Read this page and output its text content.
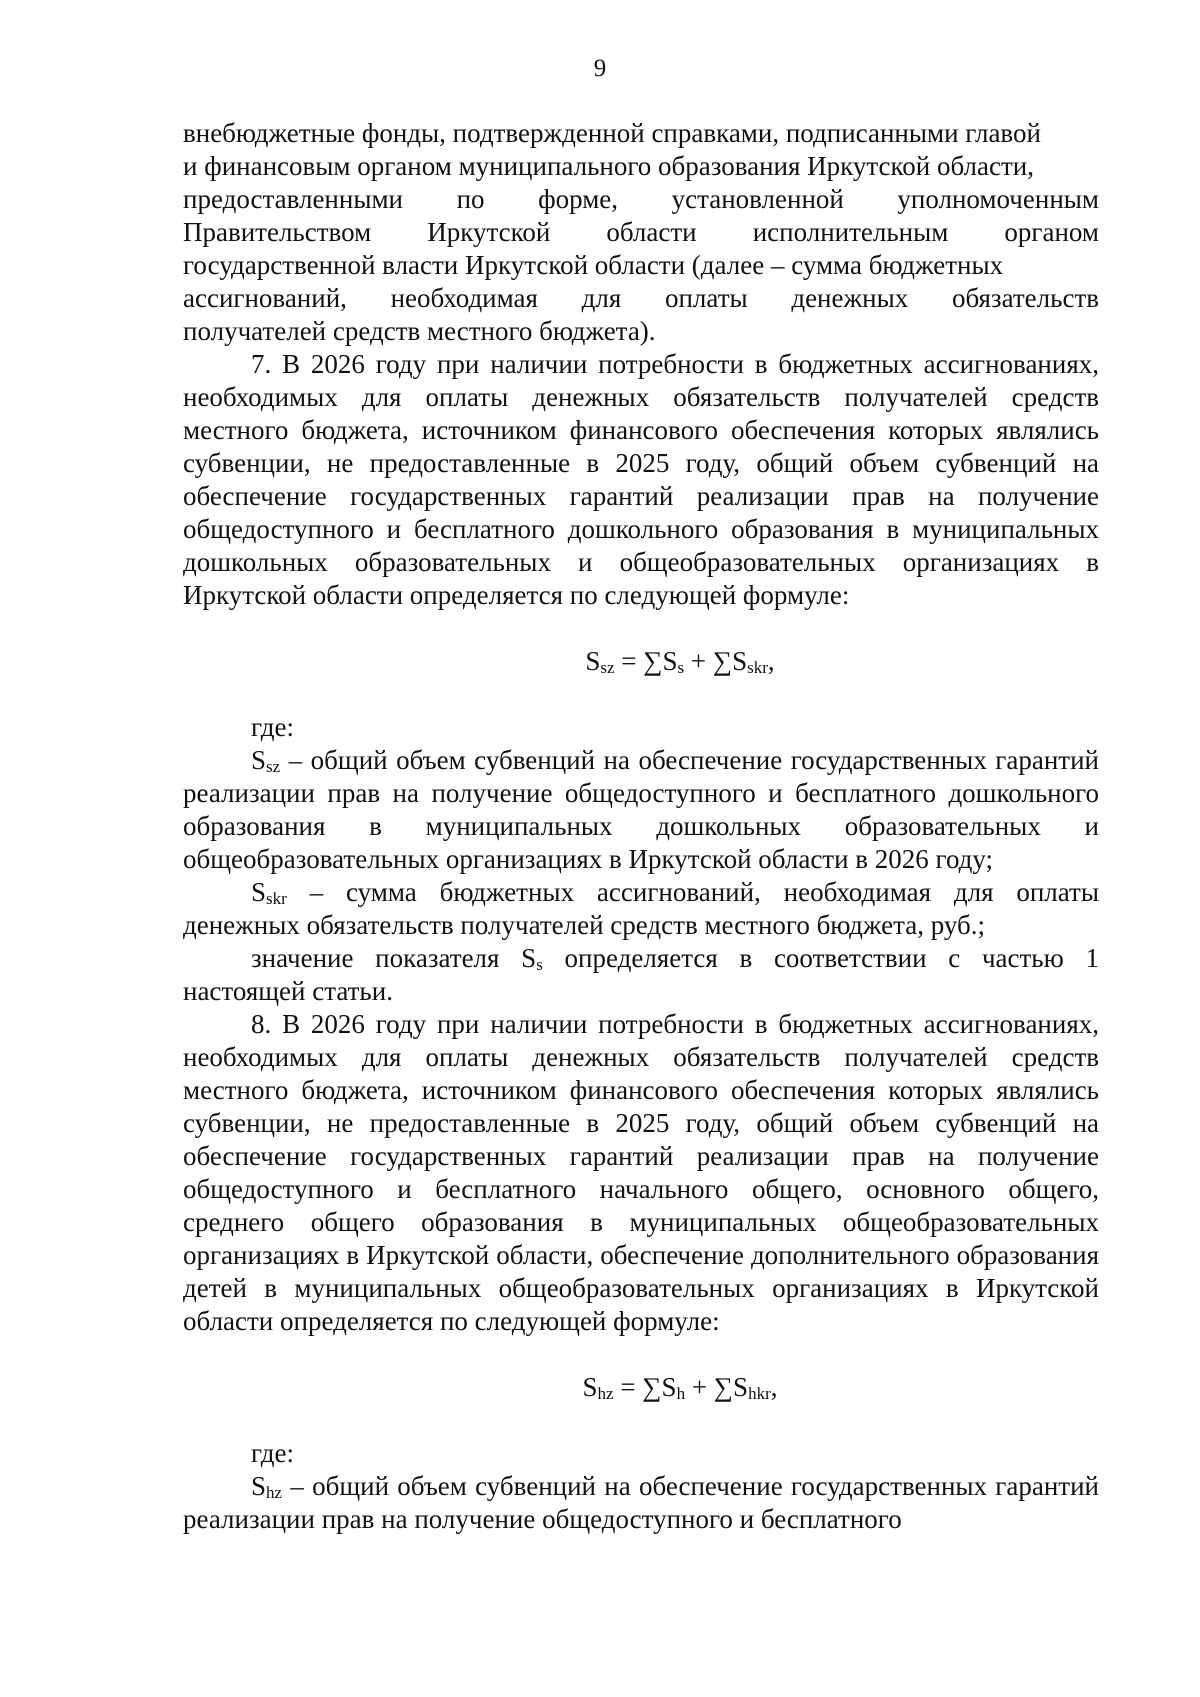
9

внебюджетные фонды, подтвержденной справками, подписанными главой

и финансовым органом муниципального образования Иркутской области,

предоставленными по форме, установленной уполномоченным

Правительством Иркутской области исполнительным органом

государственной власти Иркутской области (далее – сумма бюджетных

ассигнований, необходимая для оплаты денежных обязательств

получателей средств местного бюджета).

7. В 2026 году при наличии потребности в бюджетных ассигнованиях, необходимых для оплаты денежных обязательств получателей средств местного бюджета, источником финансового обеспечения которых являлись субвенции, не предоставленные в 2025 году, общий объем субвенций на обеспечение государственных гарантий реализации прав на получение общедоступного и бесплатного дошкольного образования в муниципальных дошкольных образовательных и общеобразовательных организациях в Иркутской области определяется по следующей формуле:

$S_{sz} = \sum S_s + \sum S_{skr}$,

где:

$S_{sz}$ – общий объем субвенций на обеспечение государственных гарантий реализации прав на получение общедоступного и бесплатного дошкольного образования в муниципальных дошкольных образовательных и общеобразовательных организациях в Иркутской области в 2026 году;

$S_{skr}$ – сумма бюджетных ассигнований, необходимая для оплаты денежных обязательств получателей средств местного бюджета, руб.;

значение показателя $S_s$ определяется в соответствии с частью 1 настоящей статьи.

8. В 2026 году при наличии потребности в бюджетных ассигнованиях, необходимых для оплаты денежных обязательств получателей средств местного бюджета, источником финансового обеспечения которых являлись субвенции, не предоставленные в 2025 году, общий объем субвенций на обеспечение государственных гарантий реализации прав на получение общедоступного и бесплатного начального общего, основного общего, среднего общего образования в муниципальных общеобразовательных организациях в Иркутской области, обеспечение дополнительного образования детей в муниципальных общеобразовательных организациях в Иркутской области определяется по следующей формуле:

$S_{hz} = \sum S_h + \sum S_{hkr}$,

где:

$S_{hz}$ – общий объем субвенций на обеспечение государственных гарантий реализации прав на получение общедоступного и бесплатного
